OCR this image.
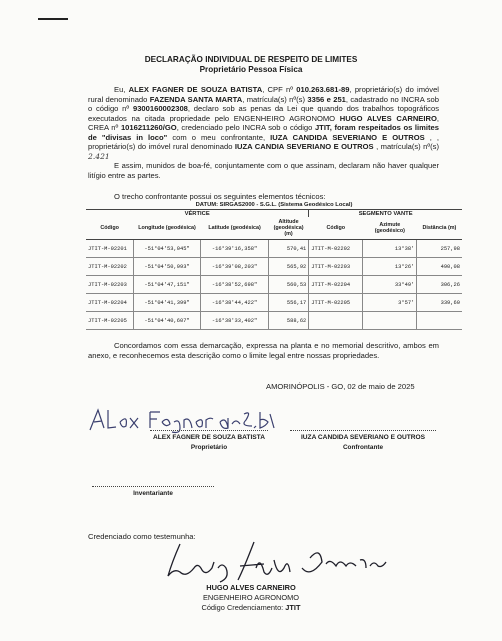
DECLARAÇÃO INDIVIDUAL DE RESPEITO DE LIMITES
Proprietário Pessoa Física
Eu, ALEX FAGNER DE SOUZA BATISTA, CPF nº 010.263.681-89, proprietário(s) do imóvel rural denominado FAZENDA SANTA MARTA, matrícula(s) nº(s) 3356 e 251, cadastrado no INCRA sob o código nº 9300160002308, declaro sob as penas da Lei que quando dos trabalhos topográficos executados na citada propriedade pelo ENGENHEIRO AGRONOMO HUGO ALVES CARNEIRO, CREA nº 1016211260/GO, credenciado pelo INCRA sob o código JTIT, foram respeitados os limites de "divisas in loco" com o meu confrontante, IUZA CANDIDA SEVERIANO E OUTROS , , proprietário(s) do imóvel rural denominado IUZA CANDIA SEVERIANO E OUTROS , matrícula(s) nº(s) 2.421
E assim, munidos de boa-fé, conjuntamente com o que assinam, declaram não haver qualquer litígio entre as partes.
O trecho confrontante possui os seguintes elementos técnicos:
DATUM: SIRGAS2000 - S.G.L. (Sistema Geodésico Local)						
VÉRTICE				SEGMENTO VANTE		
Código	Longitude (geodésica)	Latitude (geodésica)	Altitude (geodésica) (m)	Código	Azimute (geodésico)	Distância (m)
JTIT-M-02201	-51°04'53,045"	-16°39'16,358"	570,41	JTIT-M-02202	13°38'	257,98
JTIT-M-02202	-51°04'50,993"	-16°39'08,203"	565,92	JTIT-M-02203	13°26'	490,08
JTIT-M-02203	-51°04'47,151"	-16°38'52,698"	560,53	JTIT-M-02204	33°49'	306,26
JTIT-M-02204	-51°04'41,399"	-16°38'44,422"	556,17	JTIT-M-02205	3°57'	339,60
JTIT-M-02205	-51°04'40,607"	-16°38'33,402"	588,62			
Concordamos com essa demarcação, expressa na planta e no memorial descritivo, ambos em anexo, e reconhecemos esta descrição como o limite legal entre nossas propriedades.
AMORINÓPOLIS - GO, 02 de maio de 2025
ALEX FAGNER DE SOUZA BATISTA
Proprietário
IUZA CANDIDA SEVERIANO E OUTROS
Confrontante
Inventariante
Credenciado como testemunha:
HUGO ALVES CARNEIRO
ENGENHEIRO AGRONOMO
Código Credenciamento: JTIT
